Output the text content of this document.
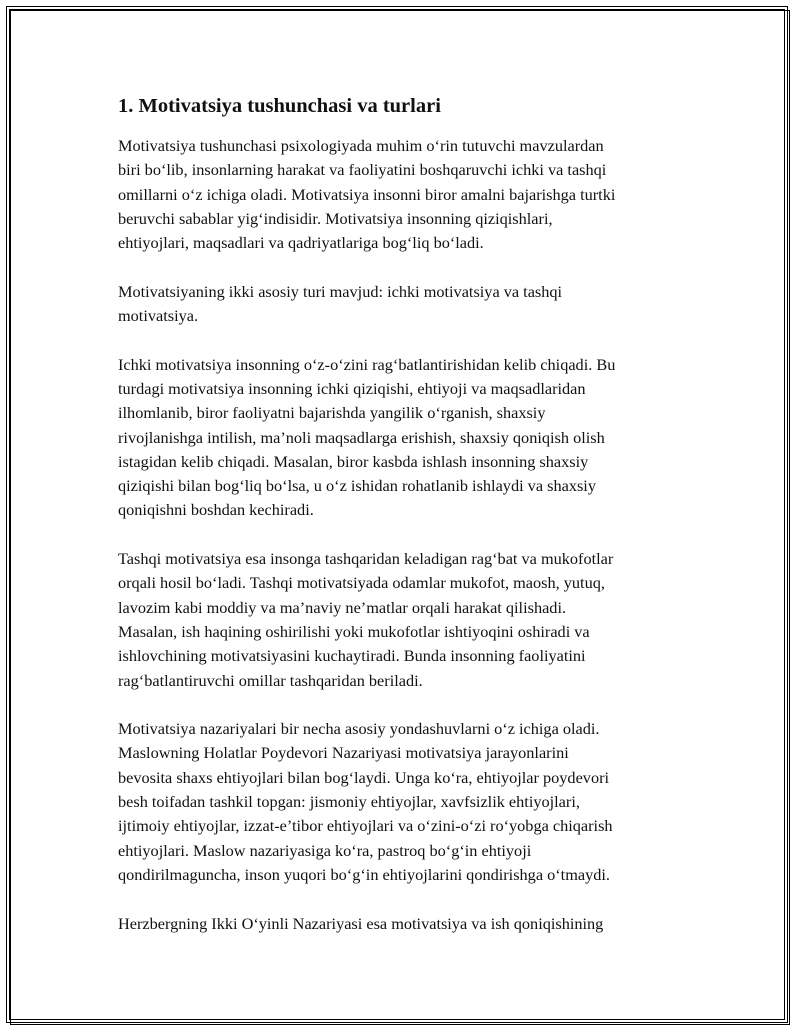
1. Motivatsiya tushunchasi va turlari
Motivatsiya tushunchasi psixologiyada muhim o‘rin tutuvchi mavzulardan
biri bo‘lib, insonlarning harakat va faoliyatini boshqaruvchi ichki va tashqi
omillarni o‘z ichiga oladi. Motivatsiya insonni biror amalni bajarishga turtki
beruvchi sabablar yig‘indisidir. Motivatsiya insonning qiziqishlari,
ehtiyojlari, maqsadlari va qadriyatlariga bog‘liq bo‘ladi.
Motivatsiyaning ikki asosiy turi mavjud: ichki motivatsiya va tashqi
motivatsiya.
Ichki motivatsiya insonning o‘z-o‘zini rag‘batlantirishidan kelib chiqadi. Bu
turdagi motivatsiya insonning ichki qiziqishi, ehtiyoji va maqsadlaridan
ilhomlanib, biror faoliyatni bajarishda yangilik o‘rganish, shaxsiy
rivojlanishga intilish, ma’noli maqsadlarga erishish, shaxsiy qoniqish olish
istagidan kelib chiqadi. Masalan, biror kasbda ishlash insonning shaxsiy
qiziqishi bilan bog‘liq bo‘lsa, u o‘z ishidan rohatlanib ishlaydi va shaxsiy
qoniqishni boshdan kechiradi.
Tashqi motivatsiya esa insonga tashqaridan keladigan rag‘bat va mukofotlar
orqali hosil bo‘ladi. Tashqi motivatsiyada odamlar mukofot, maosh, yutuq,
lavozim kabi moddiy va ma’naviy ne’matlar orqali harakat qilishadi.
Masalan, ish haqining oshirilishi yoki mukofotlar ishtiyoqini oshiradi va
ishlovchining motivatsiyasini kuchaytiradi. Bunda insonning faoliyatini
rag‘batlantiruvchi omillar tashqaridan beriladi.
Motivatsiya nazariyalari bir necha asosiy yondashuvlarni o‘z ichiga oladi.
Maslowning Holatlar Poydevori Nazariyasi motivatsiya jarayonlarini
bevosita shaxs ehtiyojlari bilan bog‘laydi. Unga ko‘ra, ehtiyojlar poydevori
besh toifadan tashkil topgan: jismoniy ehtiyojlar, xavfsizlik ehtiyojlari,
ijtimoiy ehtiyojlar, izzat-e’tibor ehtiyojlari va o‘zini-o‘zi ro‘yobga chiqarish
ehtiyojlari. Maslow nazariyasiga ko‘ra, pastroq bo‘g‘in ehtiyoji
qondirilmaguncha, inson yuqori bo‘g‘in ehtiyojlarini qondirishga o‘tmaydi.
Herzbergning Ikki O‘yinli Nazariyasi esa motivatsiya va ish qoniqishining
